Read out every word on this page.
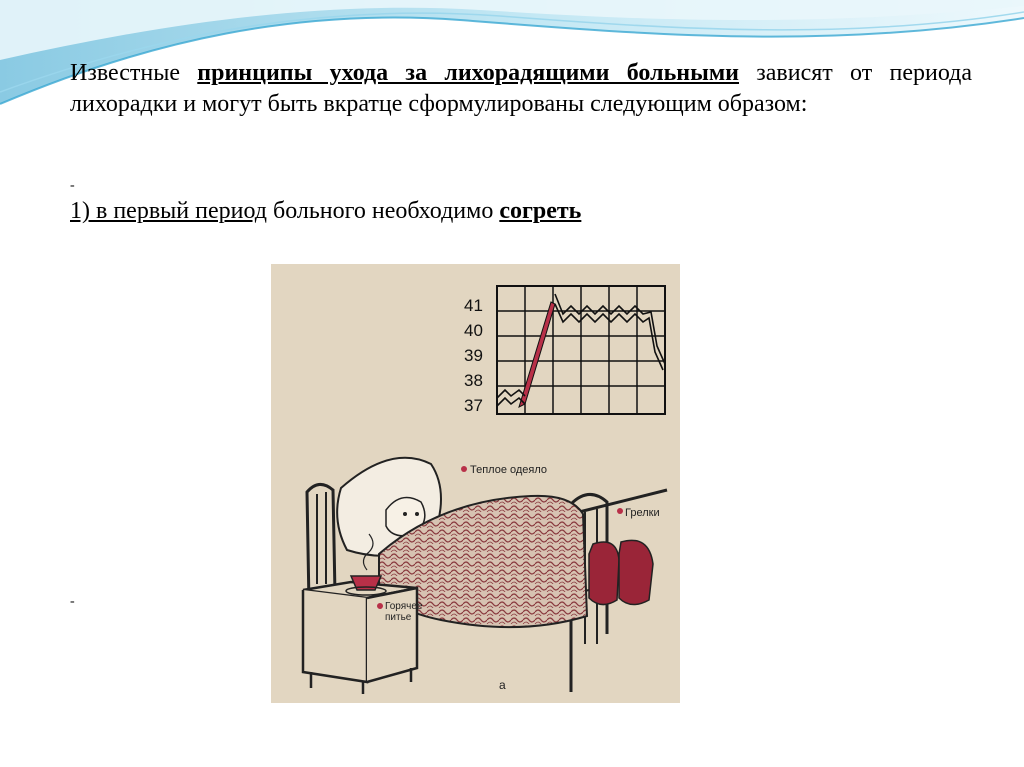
Известные принципы ухода за лихорадящими больными зависят от периода лихорадки и могут быть вкратце сформулированы следующим образом:

-
1) в первый период больного необходимо согреть
-
41
40
39
38
37
Теплое одеяло
Грелки
Горячее
питье
а
